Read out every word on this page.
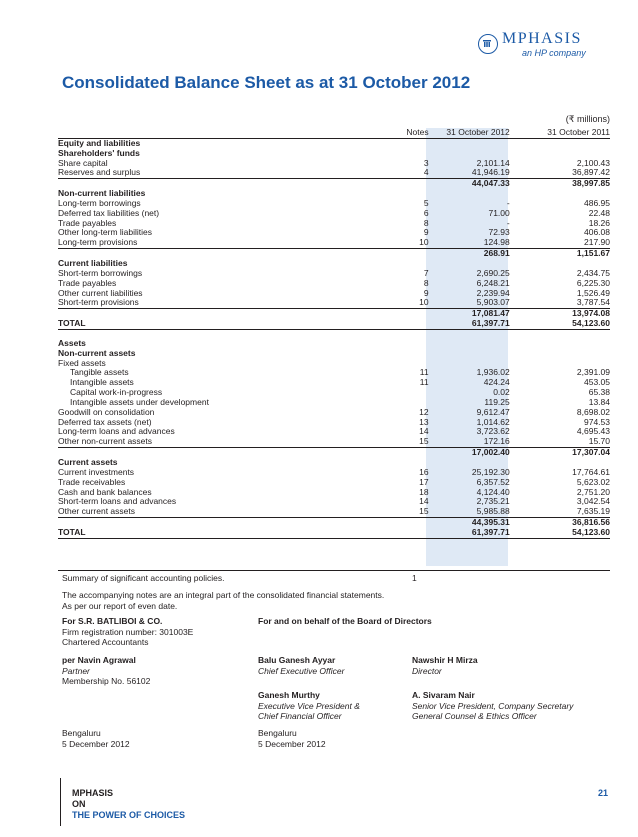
MPHASIS
an HP company
Consolidated Balance Sheet as at 31 October 2012
(₹ millions)
	Notes	31 October 2012	31 October 2011
Equity and liabilities			
Shareholders' funds			
Share capital	3	2,101.14	2,100.43
Reserves and surplus	4	41,946.19	36,897.42
		44,047.33	38,997.85
Non-current liabilities			
Long-term borrowings	5	-	486.95
Deferred tax liabilities (net)	6	71.00	22.48
Trade payables	8	-	18.26
Other long-term liabilities	9	72.93	406.08
Long-term provisions	10	124.98	217.90
		268.91	1,151.67
Current liabilities			
Short-term borrowings	7	2,690.25	2,434.75
Trade payables	8	6,248.21	6,225.30
Other current liabilities	9	2,239.94	1,526.49
Short-term provisions	10	5,903.07	3,787.54
		17,081.47	13,974.08
TOTAL		61,397.71	54,123.60

Assets			
Non-current assets			
Fixed assets			
Tangible assets	11	1,936.02	2,391.09
Intangible assets	11	424.24	453.05
Capital work-in-progress		0.02	65.38
Intangible assets under development		119.25	13.84
Goodwill on consolidation	12	9,612.47	8,698.02
Deferred tax assets (net)	13	1,014.62	974.53
Long-term loans and advances	14	3,723.62	4,695.43
Other non-current assets	15	172.16	15.70
		17,002.40	17,307.04
Current assets			
Current investments	16	25,192.30	17,764.61
Trade receivables	17	6,357.52	5,623.02
Cash and bank balances	18	4,124.40	2,751.20
Short-term loans and advances	14	2,735.21	3,042.54
Other current assets	15	5,985.88	7,635.19
		44,395.31	36,816.56
TOTAL		61,397.71	54,123.60
Summary of significant accounting policies.	1
The accompanying notes are an integral part of the consolidated financial statements.
As per our report of even date.
For S.R. BATLIBOI & CO.
Firm registration number: 301003E
Chartered Accountants
For and on behalf of the Board of Directors
per Navin Agrawal
Partner
Membership No. 56102
Balu Ganesh Ayyar
Chief Executive Officer
Nawshir H Mirza
Director
Ganesh Murthy
Executive Vice President &
Chief Financial Officer
A. Sivaram Nair
Senior Vice President, Company Secretary
General Counsel & Ethics Officer
Bengaluru
5 December 2012
Bengaluru
5 December 2012
MPHASIS
ON
THE POWER OF CHOICES
21
